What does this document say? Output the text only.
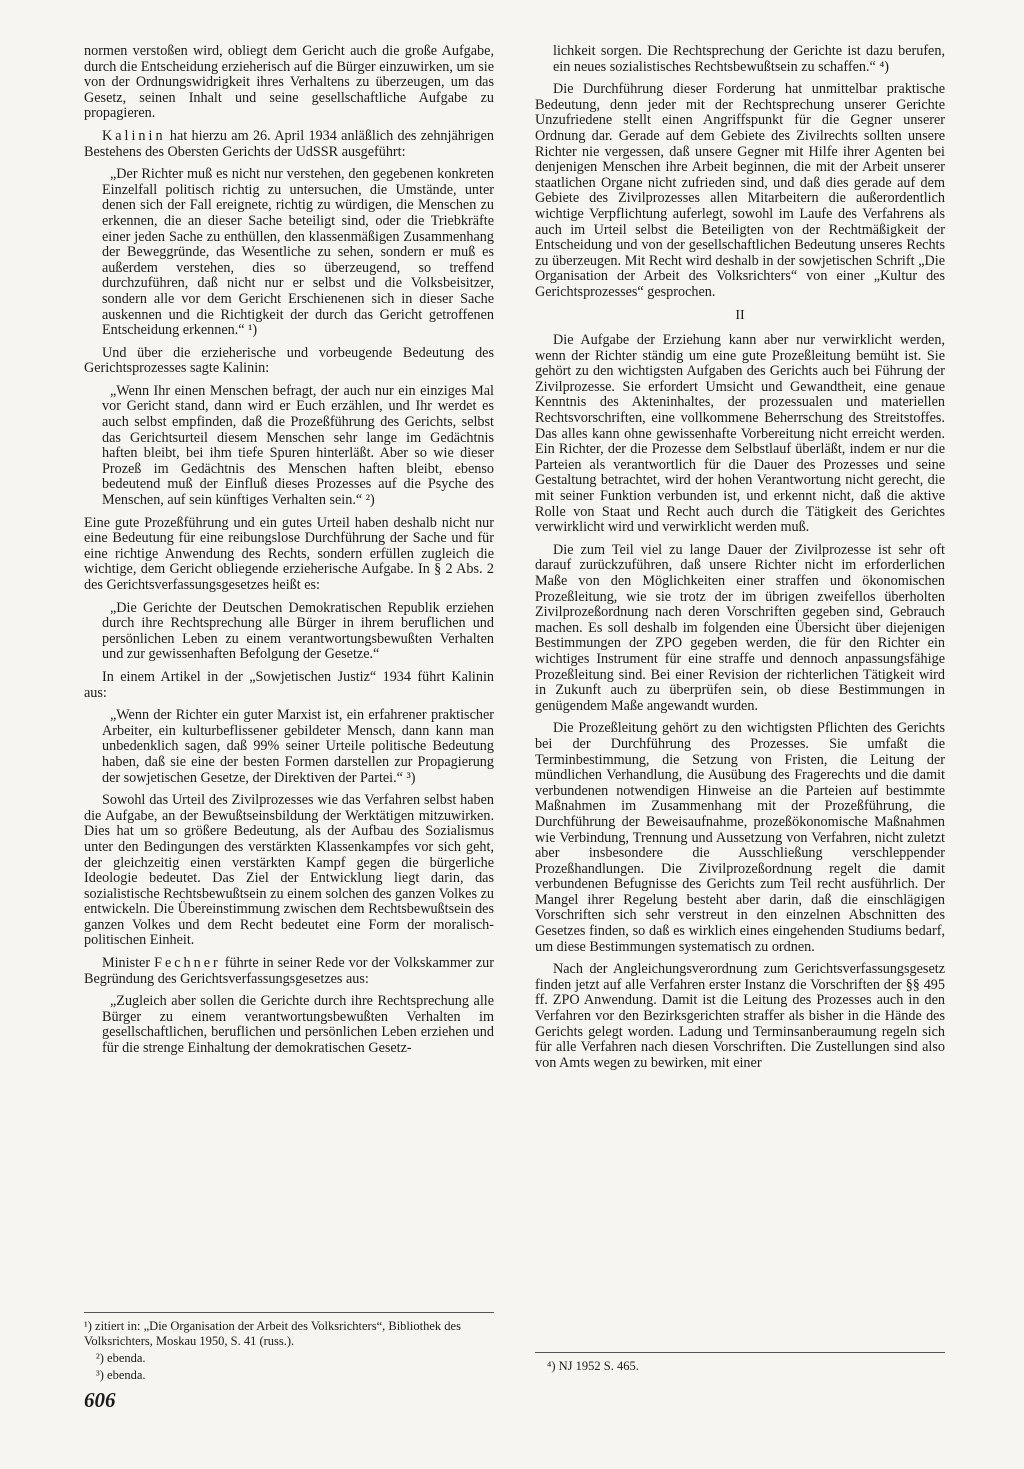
normen verstoßen wird, obliegt dem Gericht auch die große Aufgabe, durch die Entscheidung erzieherisch auf die Bürger einzuwirken, um sie von der Ordnungswidrigkeit ihres Verhaltens zu überzeugen, um das Gesetz, seinen Inhalt und seine gesellschaftliche Aufgabe zu propagieren.

Kalinin hat hierzu am 26. April 1934 anläßlich des zehnjährigen Bestehens des Obersten Gerichts der UdSSR ausgeführt:

„Der Richter muß es nicht nur verstehen, den gegebenen konkreten Einzelfall politisch richtig zu untersuchen, die Umstände, unter denen sich der Fall ereignete, richtig zu würdigen, die Menschen zu erkennen, die an dieser Sache beteiligt sind, oder die Triebkräfte einer jeden Sache zu enthüllen, den klassenmäßigen Zusammenhang der Beweggründe, das Wesentliche zu sehen, sondern er muß es außerdem verstehen, dies so überzeugend, so treffend durchzuführen, daß nicht nur er selbst und die Volksbeisitzer, sondern alle vor dem Gericht Erschienenen sich in dieser Sache auskennen und die Richtigkeit der durch das Gericht getroffenen Entscheidung erkennen.“ ¹)

Und über die erzieherische und vorbeugende Bedeutung des Gerichtsprozesses sagte Kalinin:

„Wenn Ihr einen Menschen befragt, der auch nur ein einziges Mal vor Gericht stand, dann wird er Euch erzählen, und Ihr werdet es auch selbst empfinden, daß die Prozeßführung des Gerichts, selbst das Gerichtsurteil diesem Menschen sehr lange im Gedächtnis haften bleibt, bei ihm tiefe Spuren hinterläßt. Aber so wie dieser Prozeß im Gedächtnis des Menschen haften bleibt, ebenso bedeutend muß der Einfluß dieses Prozesses auf die Psyche des Menschen, auf sein künftiges Verhalten sein.“ ²)

Eine gute Prozeßführung und ein gutes Urteil haben deshalb nicht nur eine Bedeutung für eine reibungslose Durchführung der Sache und für eine richtige Anwendung des Rechts, sondern erfüllen zugleich die wichtige, dem Gericht obliegende erzieherische Aufgabe. In § 2 Abs. 2 des Gerichtsverfassungsgesetzes heißt es:

„Die Gerichte der Deutschen Demokratischen Republik erziehen durch ihre Rechtsprechung alle Bürger in ihrem beruflichen und persönlichen Leben zu einem verantwortungsbewußten Verhalten und zur gewissenhaften Befolgung der Gesetze.“

In einem Artikel in der „Sowjetischen Justiz“ 1934 führt Kalinin aus:

„Wenn der Richter ein guter Marxist ist, ein erfahrener praktischer Arbeiter, ein kulturbeflissener gebildeter Mensch, dann kann man unbedenklich sagen, daß 99% seiner Urteile politische Bedeutung haben, daß sie eine der besten Formen darstellen zur Propagierung der sowjetischen Gesetze, der Direktiven der Partei.“ ³)

Sowohl das Urteil des Zivilprozesses wie das Verfahren selbst haben die Aufgabe, an der Bewußtseinsbildung der Werktätigen mitzuwirken. Dies hat um so größere Bedeutung, als der Aufbau des Sozialismus unter den Bedingungen des verstärkten Klassenkampfes vor sich geht, der gleichzeitig einen verstärkten Kampf gegen die bürgerliche Ideologie bedeutet. Das Ziel der Entwicklung liegt darin, das sozialistische Rechtsbewußtsein zu einem solchen des ganzen Volkes zu entwickeln. Die Übereinstimmung zwischen dem Rechtsbewußtsein des ganzen Volkes und dem Recht bedeutet eine Form der moralisch-politischen Einheit.

Minister Fechner führte in seiner Rede vor der Volkskammer zur Begründung des Gerichtsverfassungsgesetzes aus:

„Zugleich aber sollen die Gerichte durch ihre Rechtsprechung alle Bürger zu einem verantwortungsbewußten Verhalten im gesellschaftlichen, beruflichen und persönlichen Leben erziehen und für die strenge Einhaltung der demokratischen Gesetz-

lichkeit sorgen. Die Rechtsprechung der Gerichte ist dazu berufen, ein neues sozialistisches Rechtsbewußtsein zu schaffen.“ ⁴)

Die Durchführung dieser Forderung hat unmittelbar praktische Bedeutung, denn jeder mit der Rechtsprechung unserer Gerichte Unzufriedene stellt einen Angriffspunkt für die Gegner unserer Ordnung dar. Gerade auf dem Gebiete des Zivilrechts sollten unsere Richter nie vergessen, daß unsere Gegner mit Hilfe ihrer Agenten bei denjenigen Menschen ihre Arbeit beginnen, die mit der Arbeit unserer staatlichen Organe nicht zufrieden sind, und daß dies gerade auf dem Gebiete des Zivilprozesses allen Mitarbeitern die außerordentlich wichtige Verpflichtung auferlegt, sowohl im Laufe des Verfahrens als auch im Urteil selbst die Beteiligten von der Rechtmäßigkeit der Entscheidung und von der gesellschaftlichen Bedeutung unseres Rechts zu überzeugen. Mit Recht wird deshalb in der sowjetischen Schrift „Die Organisation der Arbeit des Volksrichters“ von einer „Kultur des Gerichtsprozesses“ gesprochen.

II

Die Aufgabe der Erziehung kann aber nur verwirklicht werden, wenn der Richter ständig um eine gute Prozeßleitung bemüht ist. Sie gehört zu den wichtigsten Aufgaben des Gerichts auch bei Führung der Zivilprozesse. Sie erfordert Umsicht und Gewandtheit, eine genaue Kenntnis des Akteninhaltes, der prozessualen und materiellen Rechtsvorschriften, eine vollkommene Beherrschung des Streitstoffes. Das alles kann ohne gewissenhafte Vorbereitung nicht erreicht werden. Ein Richter, der die Prozesse dem Selbstlauf überläßt, indem er nur die Parteien als verantwortlich für die Dauer des Prozesses und seine Gestaltung betrachtet, wird der hohen Verantwortung nicht gerecht, die mit seiner Funktion verbunden ist, und erkennt nicht, daß die aktive Rolle von Staat und Recht auch durch die Tätigkeit des Gerichtes verwirklicht wird und verwirklicht werden muß.

Die zum Teil viel zu lange Dauer der Zivilprozesse ist sehr oft darauf zurückzuführen, daß unsere Richter nicht im erforderlichen Maße von den Möglichkeiten einer straffen und ökonomischen Prozeßleitung, wie sie trotz der im übrigen zweifellos überholten Zivilprozeßordnung nach deren Vorschriften gegeben sind, Gebrauch machen. Es soll deshalb im folgenden eine Übersicht über diejenigen Bestimmungen der ZPO gegeben werden, die für den Richter ein wichtiges Instrument für eine straffe und dennoch anpassungsfähige Prozeßleitung sind. Bei einer Revision der richterlichen Tätigkeit wird in Zukunft auch zu überprüfen sein, ob diese Bestimmungen in genügendem Maße angewandt wurden.

Die Prozeßleitung gehört zu den wichtigsten Pflichten des Gerichts bei der Durchführung des Prozesses. Sie umfaßt die Terminbestimmung, die Setzung von Fristen, die Leitung der mündlichen Verhandlung, die Ausübung des Fragerechts und die damit verbundenen notwendigen Hinweise an die Parteien auf bestimmte Maßnahmen im Zusammenhang mit der Prozeßführung, die Durchführung der Beweisaufnahme, prozeßökonomische Maßnahmen wie Verbindung, Trennung und Aussetzung von Verfahren, nicht zuletzt aber insbesondere die Ausschließung verschleppender Prozeßhandlungen. Die Zivilprozeßordnung regelt die damit verbundenen Befugnisse des Gerichts zum Teil recht ausführlich. Der Mangel ihrer Regelung besteht aber darin, daß die einschlägigen Vorschriften sich sehr verstreut in den einzelnen Abschnitten des Gesetzes finden, so daß es wirklich eines eingehenden Studiums bedarf, um diese Bestimmungen systematisch zu ordnen.

Nach der Angleichungsverordnung zum Gerichtsverfassungsgesetz finden jetzt auf alle Verfahren erster Instanz die Vorschriften der §§ 495 ff. ZPO Anwendung. Damit ist die Leitung des Prozesses auch in den Verfahren vor den Bezirksgerichten straffer als bisher in die Hände des Gerichts gelegt worden. Ladung und Terminsanberaumung regeln sich für alle Verfahren nach diesen Vorschriften. Die Zustellungen sind also von Amts wegen zu bewirken, mit einer

¹) zitiert in: „Die Organisation der Arbeit des Volksrichters“, Bibliothek des Volksrichters, Moskau 1950, S. 41 (russ.).
²) ebenda.
³) ebenda.
⁴) NJ 1952 S. 465.
606
